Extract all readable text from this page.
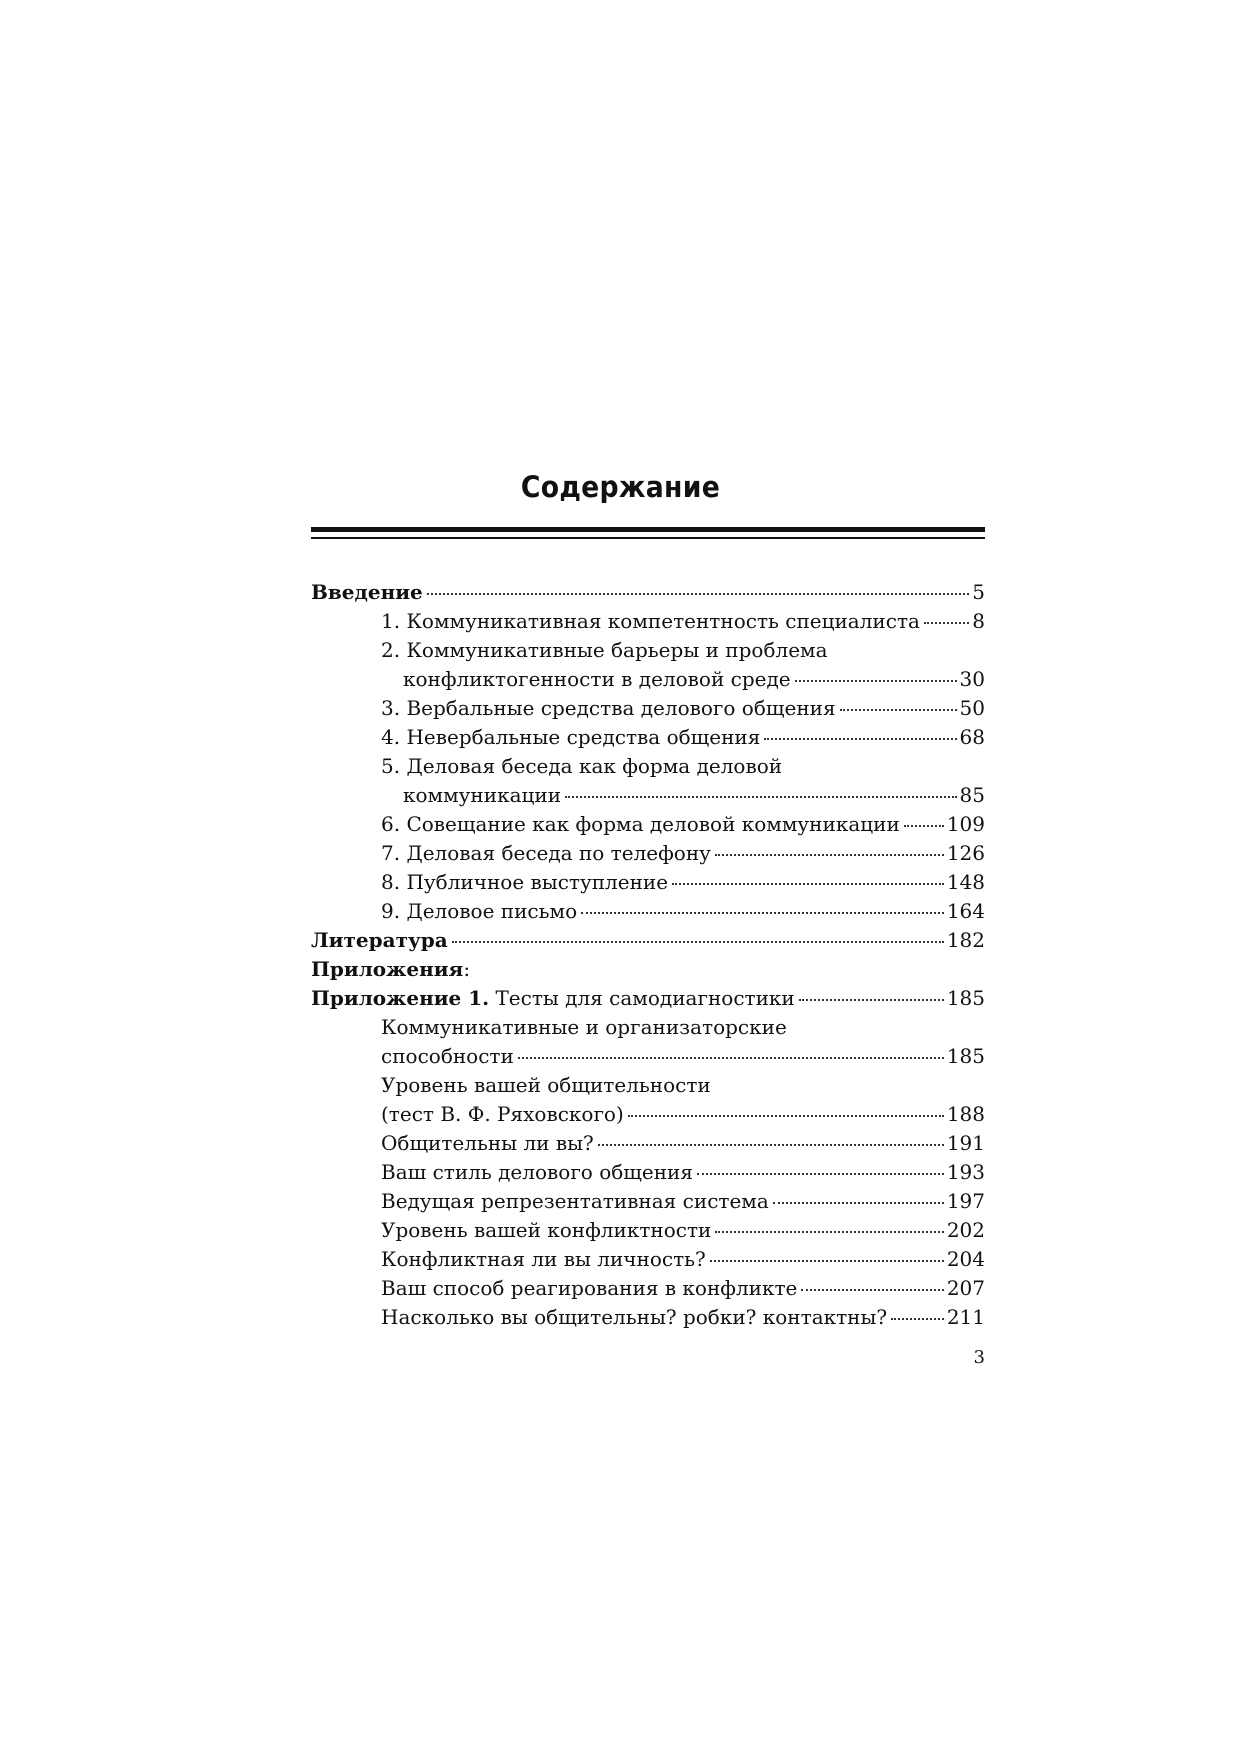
Содержание
Введение	5
1. Коммуникативная компетентность специалиста	8
2. Коммуникативные барьеры и проблема
конфликтогенности в деловой среде	30
3. Вербальные средства делового общения	50
4. Невербальные средства общения	68
5. Деловая беседа как форма деловой
коммуникации	85
6. Совещание как форма деловой коммуникации 109
7. Деловая беседа по телефону	126
8. Публичное выступление	148
9. Деловое письмо	164
Литература	182
Приложения :
Приложение 1. Тесты для самодиагностики	185
Коммуникативные и организаторские
способности	185
Уровень вашей общительности
(тест В. Ф. Ряховского)	188
Общительны ли вы?	191
Ваш стиль делового общения	193
Ведущая репрезентативная система	197
Уровень вашей конфликтности	202
Конфликтная ли вы личность?	204
Ваш способ реагирования в конфликте	207
Насколько вы общительны? робки? контактны?	211
3
